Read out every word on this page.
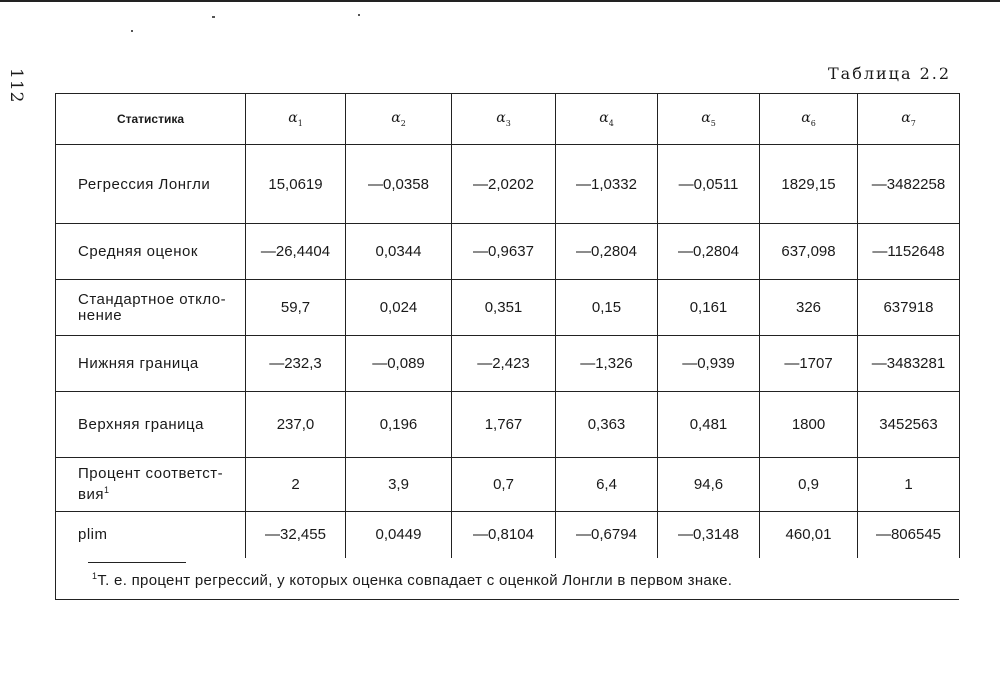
112	Таблица 2.2
Статистика	$\alpha_1$	$\alpha_2$	$\alpha_3$	$\alpha_4$	$\alpha_5$	$\alpha_6$	$\alpha_7$
Регрессия Лонгли	15,0619	—0,0358	—2,0202	—1,0332	—0,0511	1829,15	—3482258
Средняя оценок	—26,4404	0,0344	—0,9637	—0,2804	—0,2804	637,098	—1152648
Стандартное откло-нение	59,7	0,024	0,351	0,15	0,161	326	637918
Нижняя граница	—232,3	—0,089	—2,423	—1,326	—0,939	—1707	—3483281
Верхняя граница	237,0	0,196	1,767	0,363	0,481	1800	3452563
Процент соответст-вия$^1$	2	3,9	0,7	6,4	94,6	0,9	1
plim	—32,455	0,0449	—0,8104	—0,6794	—0,3148	460,01	—806545
$^1$Т. е. процент регрессий, у которых оценка совпадает с оценкой Лонгли в первом знаке.
